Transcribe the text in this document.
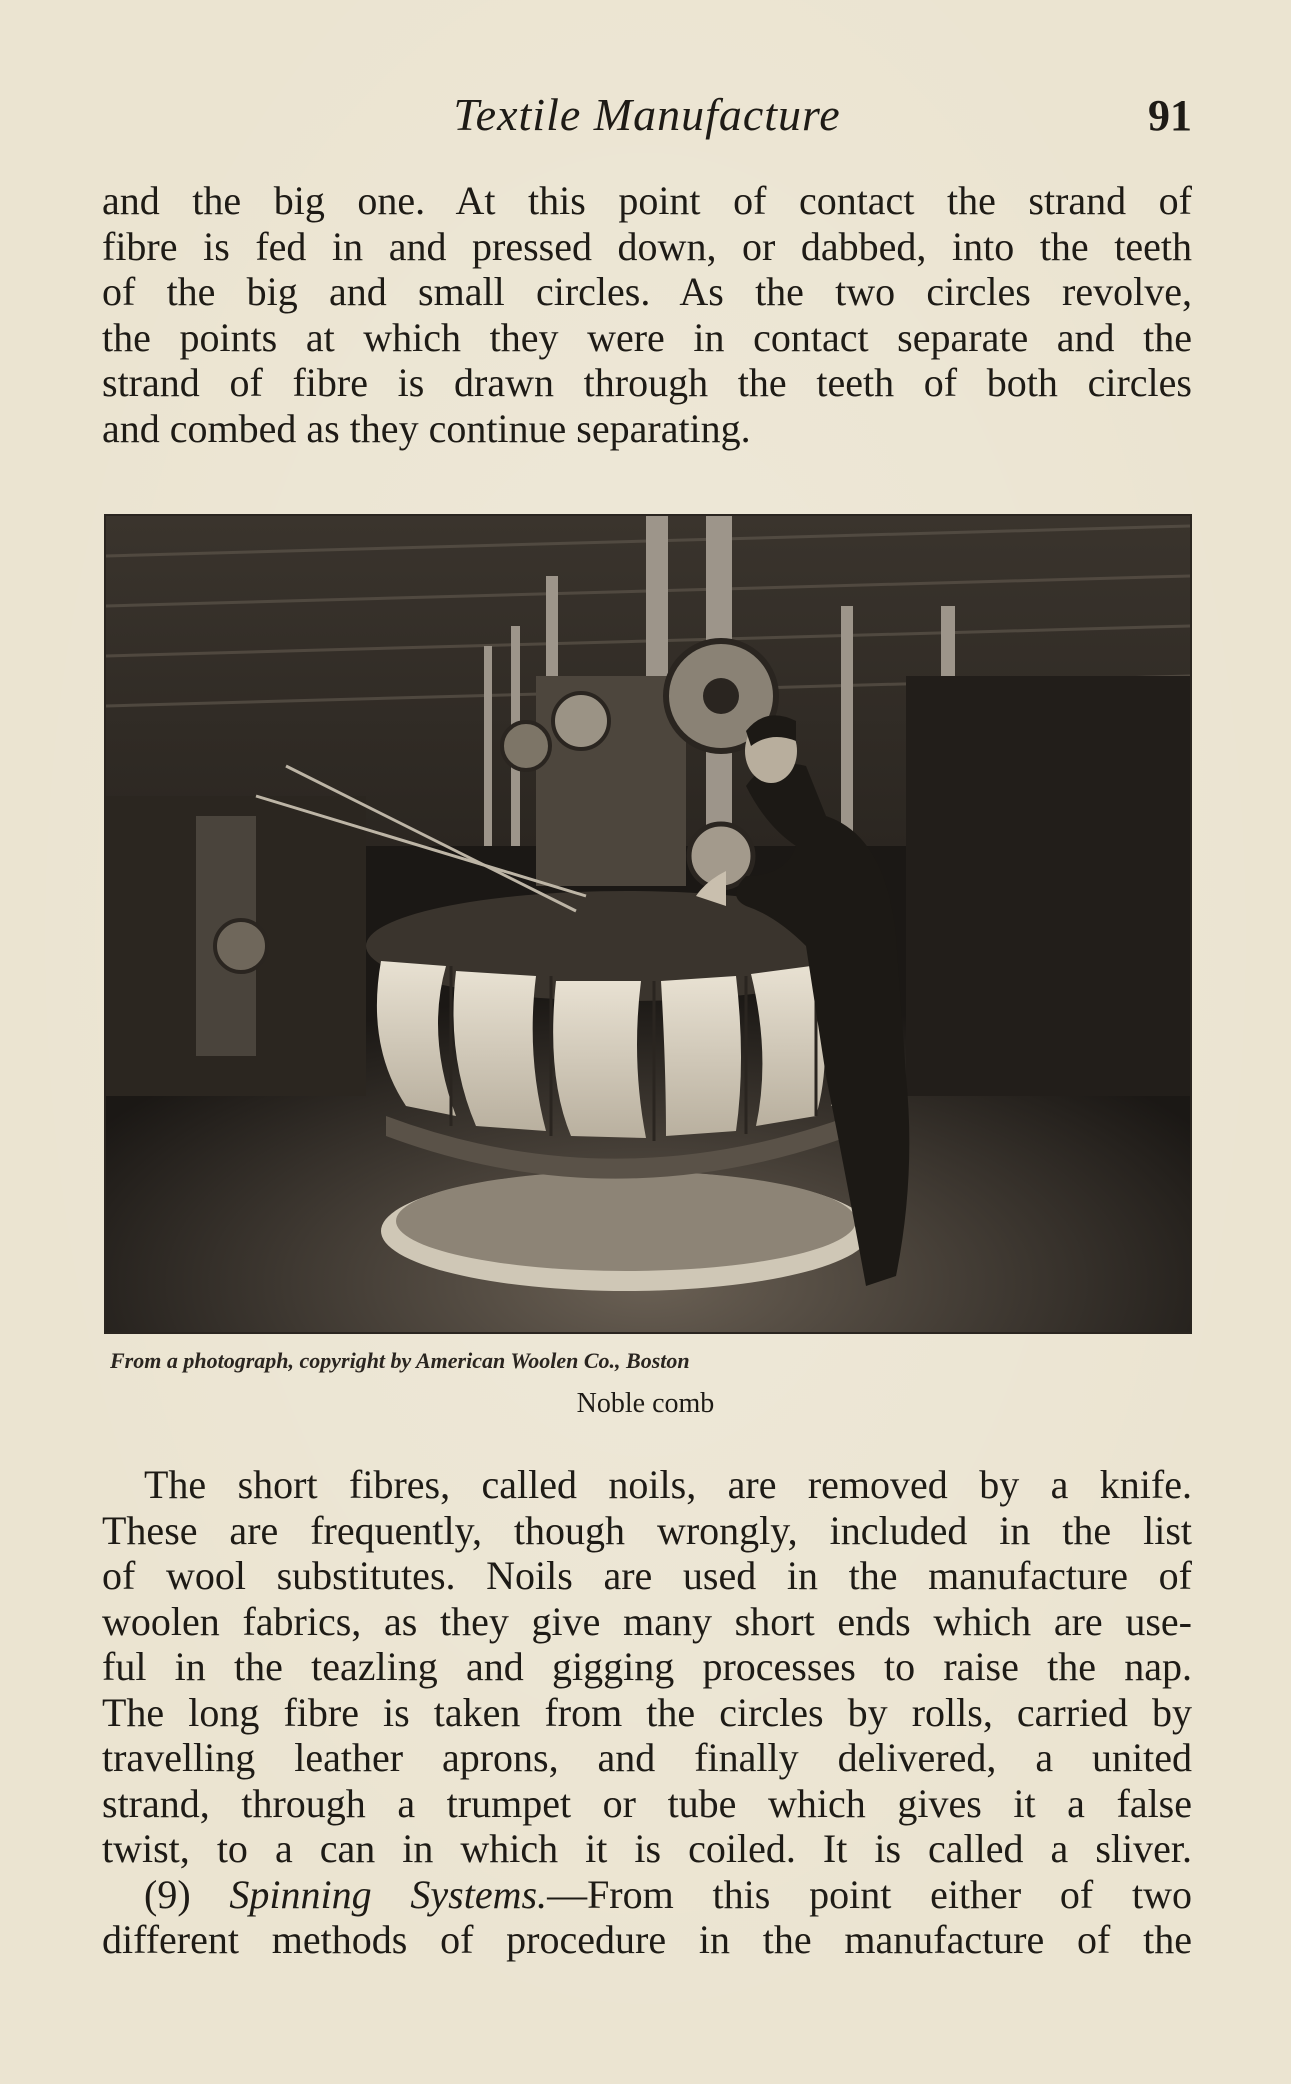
Textile Manufacture	91
and the big one. At this point of contact the strand of
fibre is fed in and pressed down, or dabbed, into the teeth
of the big and small circles. As the two circles revolve,
the points at which they were in contact separate and the
strand of fibre is drawn through the teeth of both circles
and combed as they continue separating.
From a photograph, copyright by American Woolen Co., Boston
Noble comb
The short fibres, called noils, are removed by a knife.
These are frequently, though wrongly, included in the list
of wool substitutes. Noils are used in the manufacture of
woolen fabrics, as they give many short ends which are use-
ful in the teazling and gigging processes to raise the nap.
The long fibre is taken from the circles by rolls, carried by
travelling leather aprons, and finally delivered, a united
strand, through a trumpet or tube which gives it a false
twist, to a can in which it is coiled. It is called a sliver.
(9) Spinning Systems.—From this point either of two
different methods of procedure in the manufacture of the
